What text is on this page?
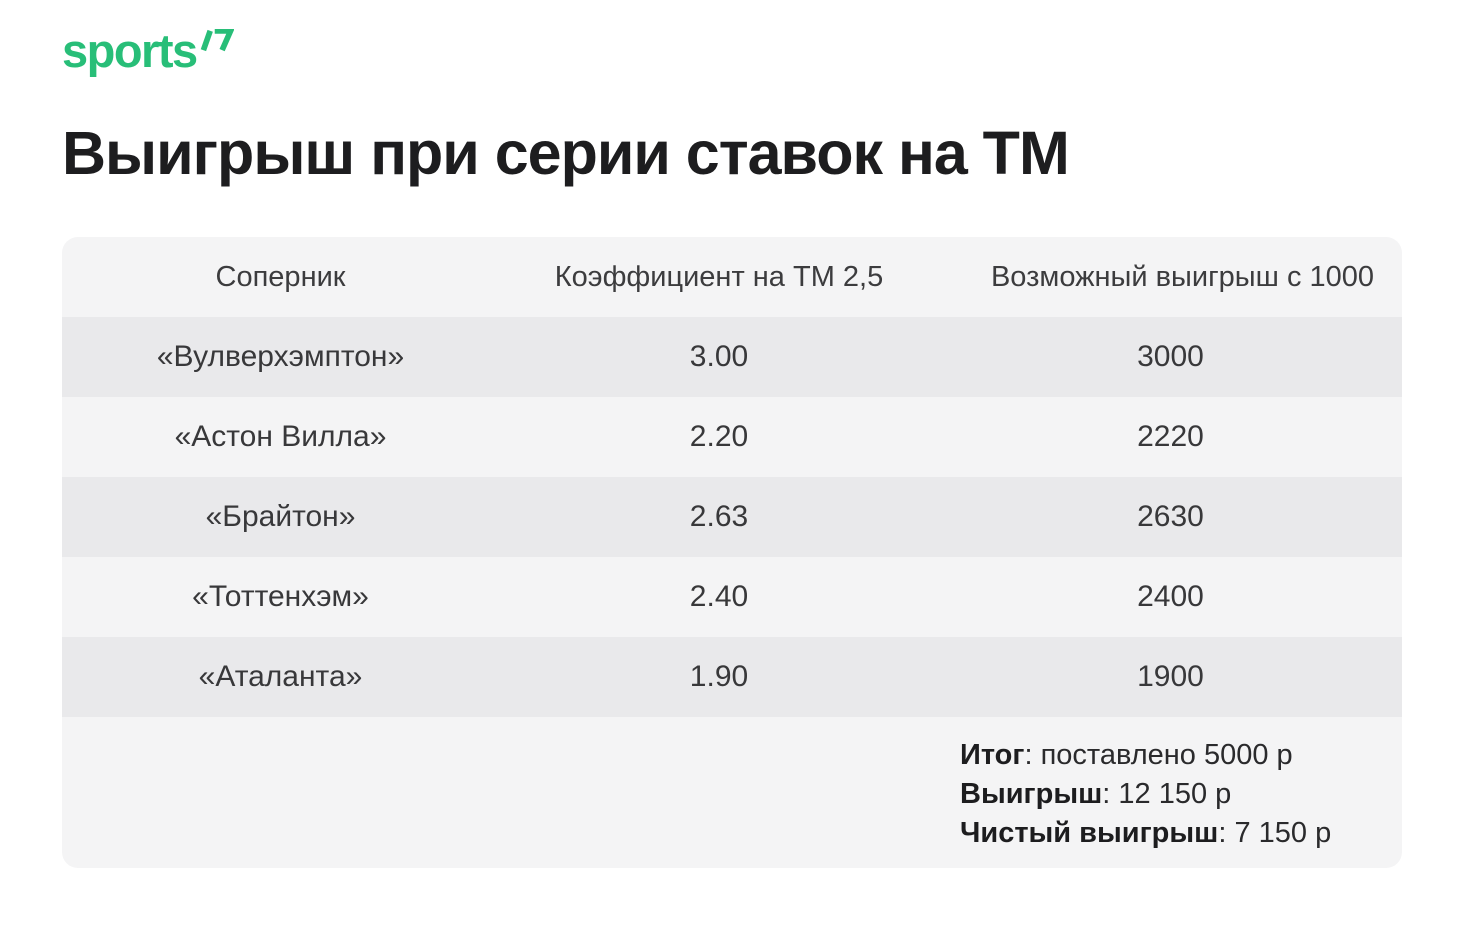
sports
Выигрыш при серии ставок на ТМ
Соперник	Коэффициент на ТМ 2,5	Возможный выигрыш с 1000
«Вулверхэмптон»	3.00	3000
«Астон Вилла»	2.20	2220
«Брайтон»	2.63	2630
«Тоттенхэм»	2.40	2400
«Аталанта»	1.90	1900
Итог: поставлено 5000 р
Выигрыш: 12 150 р
Чистый выигрыш: 7 150 р
